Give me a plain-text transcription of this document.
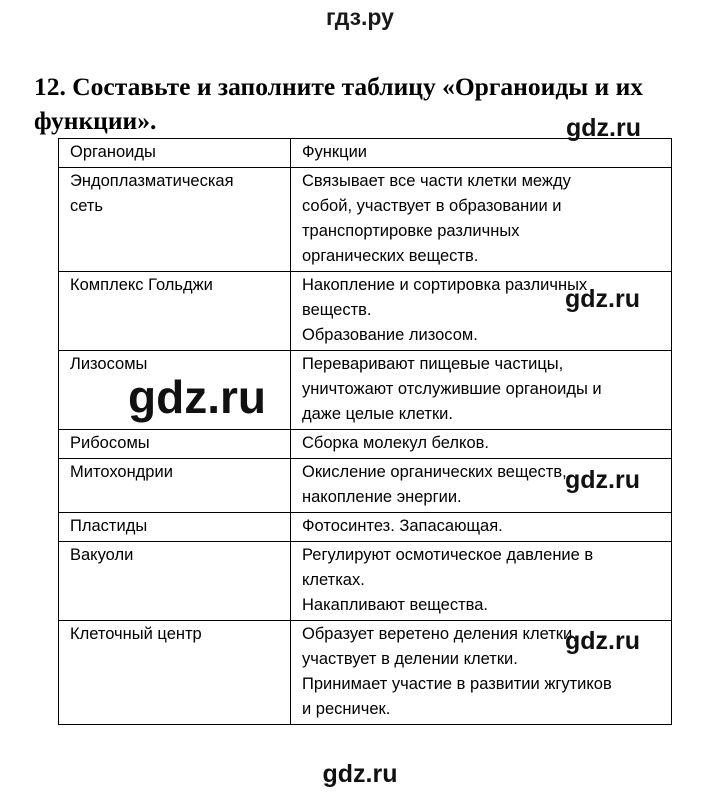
гдз.ру
12. Составьте и заполните таблицу «Органоиды и их функции».
Органоиды	Функции

Эндоплазматическая
сеть	Связывает все части клетки между
собой, участвует в образовании и
транспортировке различных
органических веществ.

Комплекс Гольджи	Накопление и сортировка различных
веществ.
Образование лизосом.

Лизосомы	Переваривают пищевые частицы,
уничтожают отслужившие органоиды и
даже целые клетки.

Рибосомы	Сборка молекул белков.

Митохондрии	Окисление органических веществ,
накопление энергии.

Пластиды	Фотосинтез. Запасающая.

Вакуоли	Регулируют осмотическое давление в
клетках.
Накапливают вещества.

Клеточный центр	Образует веретено деления клетки,
участвует в делении клетки.
Принимает участие в развитии жгутиков
и ресничек.
gdz.ru
gdz.ru
gdz.ru
gdz.ru
gdz.ru
gdz.ru
